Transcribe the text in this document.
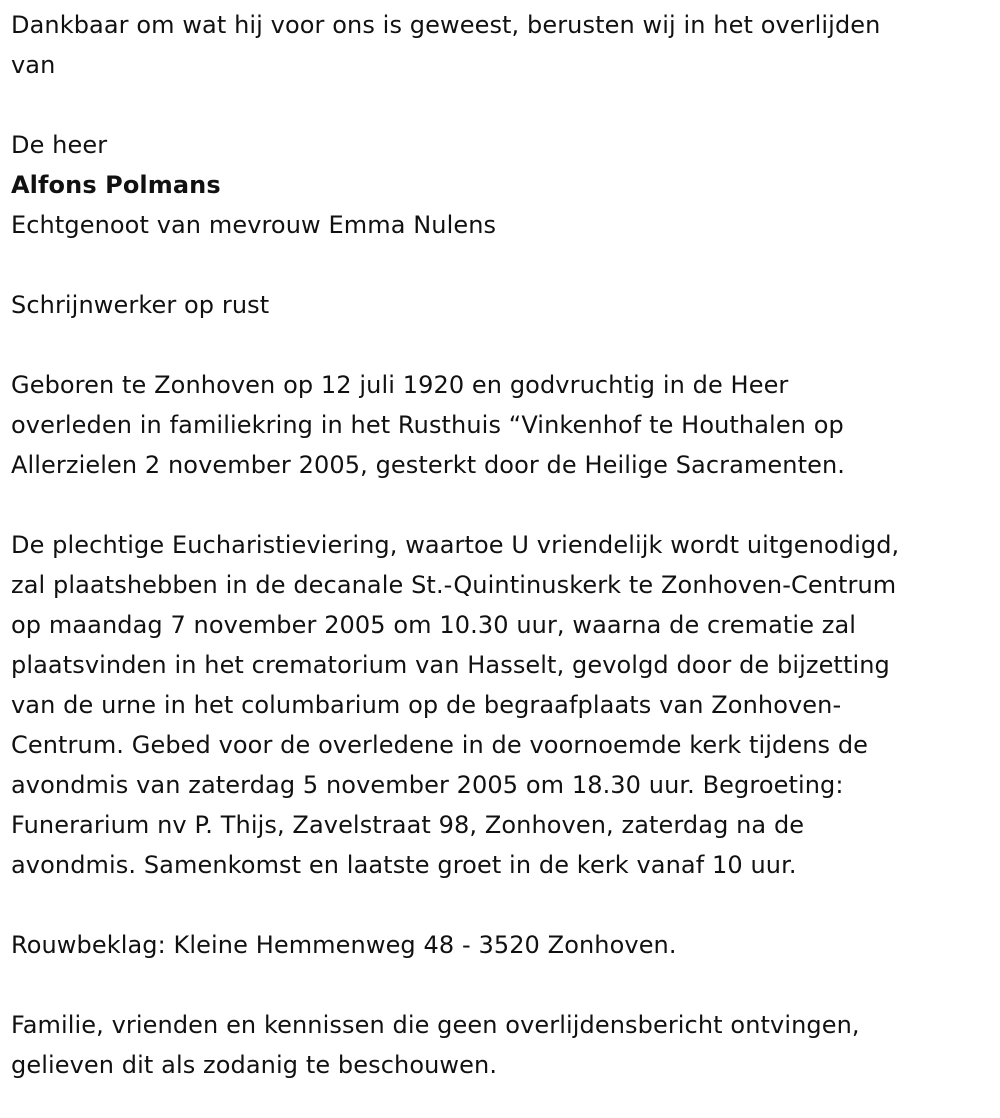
Dankbaar om wat hij voor ons is geweest, berusten wij in het overlijden

van

De heer

Alfons Polmans

Echtgenoot van mevrouw Emma Nulens

Schrijnwerker op rust

Geboren te Zonhoven op 12 juli 1920 en godvruchtig in de Heer

overleden in familiekring in het Rusthuis “Vinkenhof te Houthalen op

Allerzielen 2 november 2005, gesterkt door de Heilige Sacramenten.

De plechtige Eucharistieviering, waartoe U vriendelijk wordt uitgenodigd,

zal plaatshebben in de decanale St.-Quintinuskerk te Zonhoven-Centrum

op maandag 7 november 2005 om 10.30 uur, waarna de crematie zal

plaatsvinden in het crematorium van Hasselt, gevolgd door de bijzetting

van de urne in het columbarium op de begraafplaats van Zonhoven-

Centrum. Gebed voor de overledene in de voornoemde kerk tijdens de

avondmis van zaterdag 5 november 2005 om 18.30 uur. Begroeting:

Funerarium nv P. Thijs, Zavelstraat 98, Zonhoven, zaterdag na de

avondmis. Samenkomst en laatste groet in de kerk vanaf 10 uur.

Rouwbeklag: Kleine Hemmenweg 48 - 3520 Zonhoven.

Familie, vrienden en kennissen die geen overlijdensbericht ontvingen,

gelieven dit als zodanig te beschouwen.
